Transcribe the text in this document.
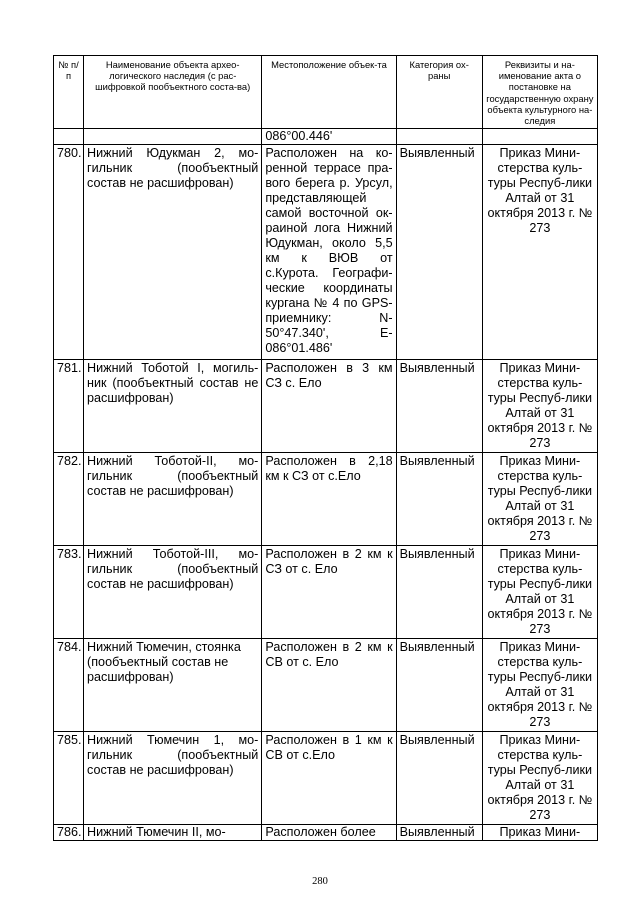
№ п/п	Наименование объекта архео-логического наследия (с рас-шифровкой пообъектного соста-ва)	Местоположение объек-та	Категория ох-раны	Реквизиты и на-именование акта о постановке на государственную охрану объекта культурного на-следия
		086°00.446'		
780.	Нижний Юдукман 2, мо-гильник (пообъектный состав не расшифрован)	Расположен на ко-ренной террасе пра-вого берега р. Урсул, представляющей самой восточной ок-раиной лога Нижний Юдукман, около 5,5 км к ВЮВ от с.Курота. Географи-ческие координаты кургана № 4 по GPS-приемнику: N-50°47.340', E-086°01.486'	Выявленный	Приказ Мини-стерства куль-туры Респуб-лики Алтай от 31 октября 2013 г. № 273
781.	Нижний Тоботой I, могиль-ник (пообъектный состав не расшифрован)	Расположен в 3 км СЗ с. Ело	Выявленный	Приказ Мини-стерства куль-туры Респуб-лики Алтай от 31 октября 2013 г. № 273
782.	Нижний Тоботой-II, мо-гильник (пообъектный состав не расшифрован)	Расположен в 2,18 км к СЗ от с.Ело	Выявленный	Приказ Мини-стерства куль-туры Респуб-лики Алтай от 31 октября 2013 г. № 273
783.	Нижний Тоботой-III, мо-гильник (пообъектный состав не расшифрован)	Расположен в 2 км к СЗ от с. Ело	Выявленный	Приказ Мини-стерства куль-туры Респуб-лики Алтай от 31 октября 2013 г. № 273
784.	Нижний Тюмечин, стоянка (пообъектный состав не расшифрован)	Расположен в 2 км к СВ от с. Ело	Выявленный	Приказ Мини-стерства куль-туры Респуб-лики Алтай от 31 октября 2013 г. № 273
785.	Нижний Тюмечин 1, мо-гильник (пообъектный состав не расшифрован)	Расположен в 1 км к СВ от с.Ело	Выявленный	Приказ Мини-стерства куль-туры Респуб-лики Алтай от 31 октября 2013 г. № 273
786.	Нижний Тюмечин II, мо-	Расположен более	Выявленный	Приказ Мини-
280
